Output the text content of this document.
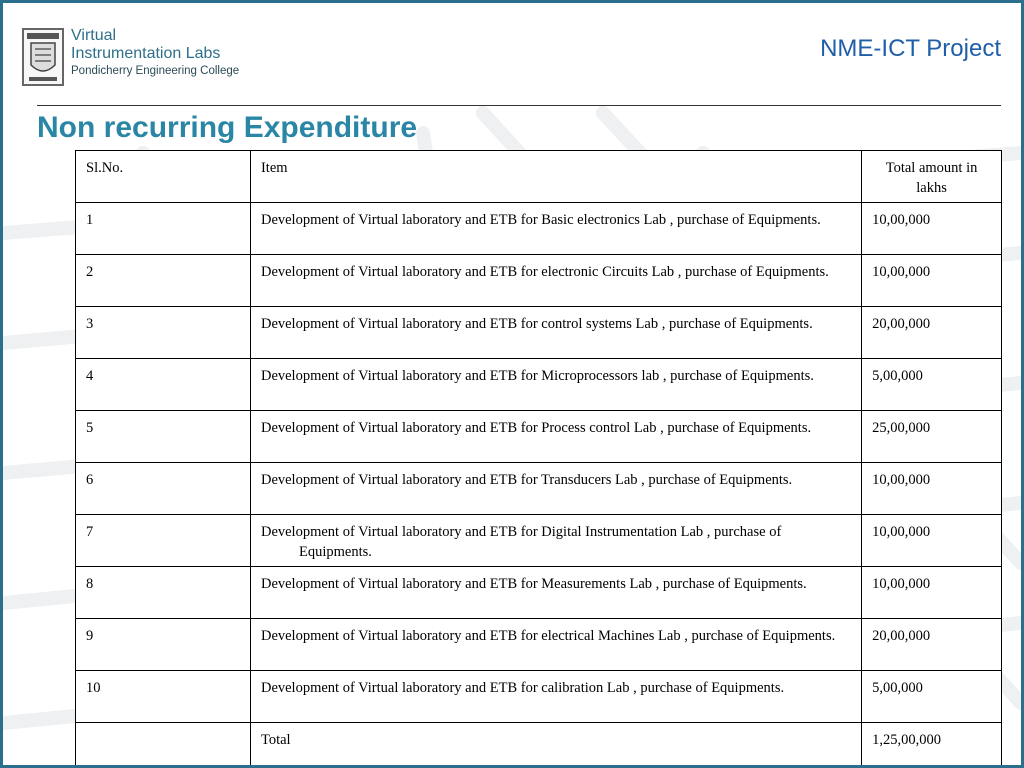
Virtual
Instrumentation Labs
Pondicherry Engineering College
NME-ICT Project
Non recurring Expenditure
Sl.No.	Item	Total amount in lakhs
1	Development of Virtual laboratory and ETB for Basic electronics Lab , purchase of Equipments.	10,00,000
2	Development of Virtual laboratory and ETB for electronic Circuits Lab , purchase of Equipments.	10,00,000
3	Development of Virtual laboratory and ETB for control systems Lab , purchase of Equipments.	20,00,000
4	Development of Virtual laboratory and ETB for Microprocessors lab , purchase of Equipments.	5,00,000
5	Development of Virtual laboratory and ETB for Process control Lab , purchase of Equipments.	25,00,000
6	Development of Virtual laboratory and ETB for Transducers Lab , purchase of Equipments.	10,00,000
7	Development of Virtual laboratory and ETB for Digital Instrumentation Lab , purchase of Equipments.	10,00,000
8	Development of Virtual laboratory and ETB for Measurements Lab , purchase of Equipments.	10,00,000
9	Development of Virtual laboratory and ETB for electrical Machines Lab , purchase of Equipments.	20,00,000
10	Development of Virtual laboratory and ETB for calibration Lab , purchase of Equipments.	5,00,000
	Total	1,25,00,000
